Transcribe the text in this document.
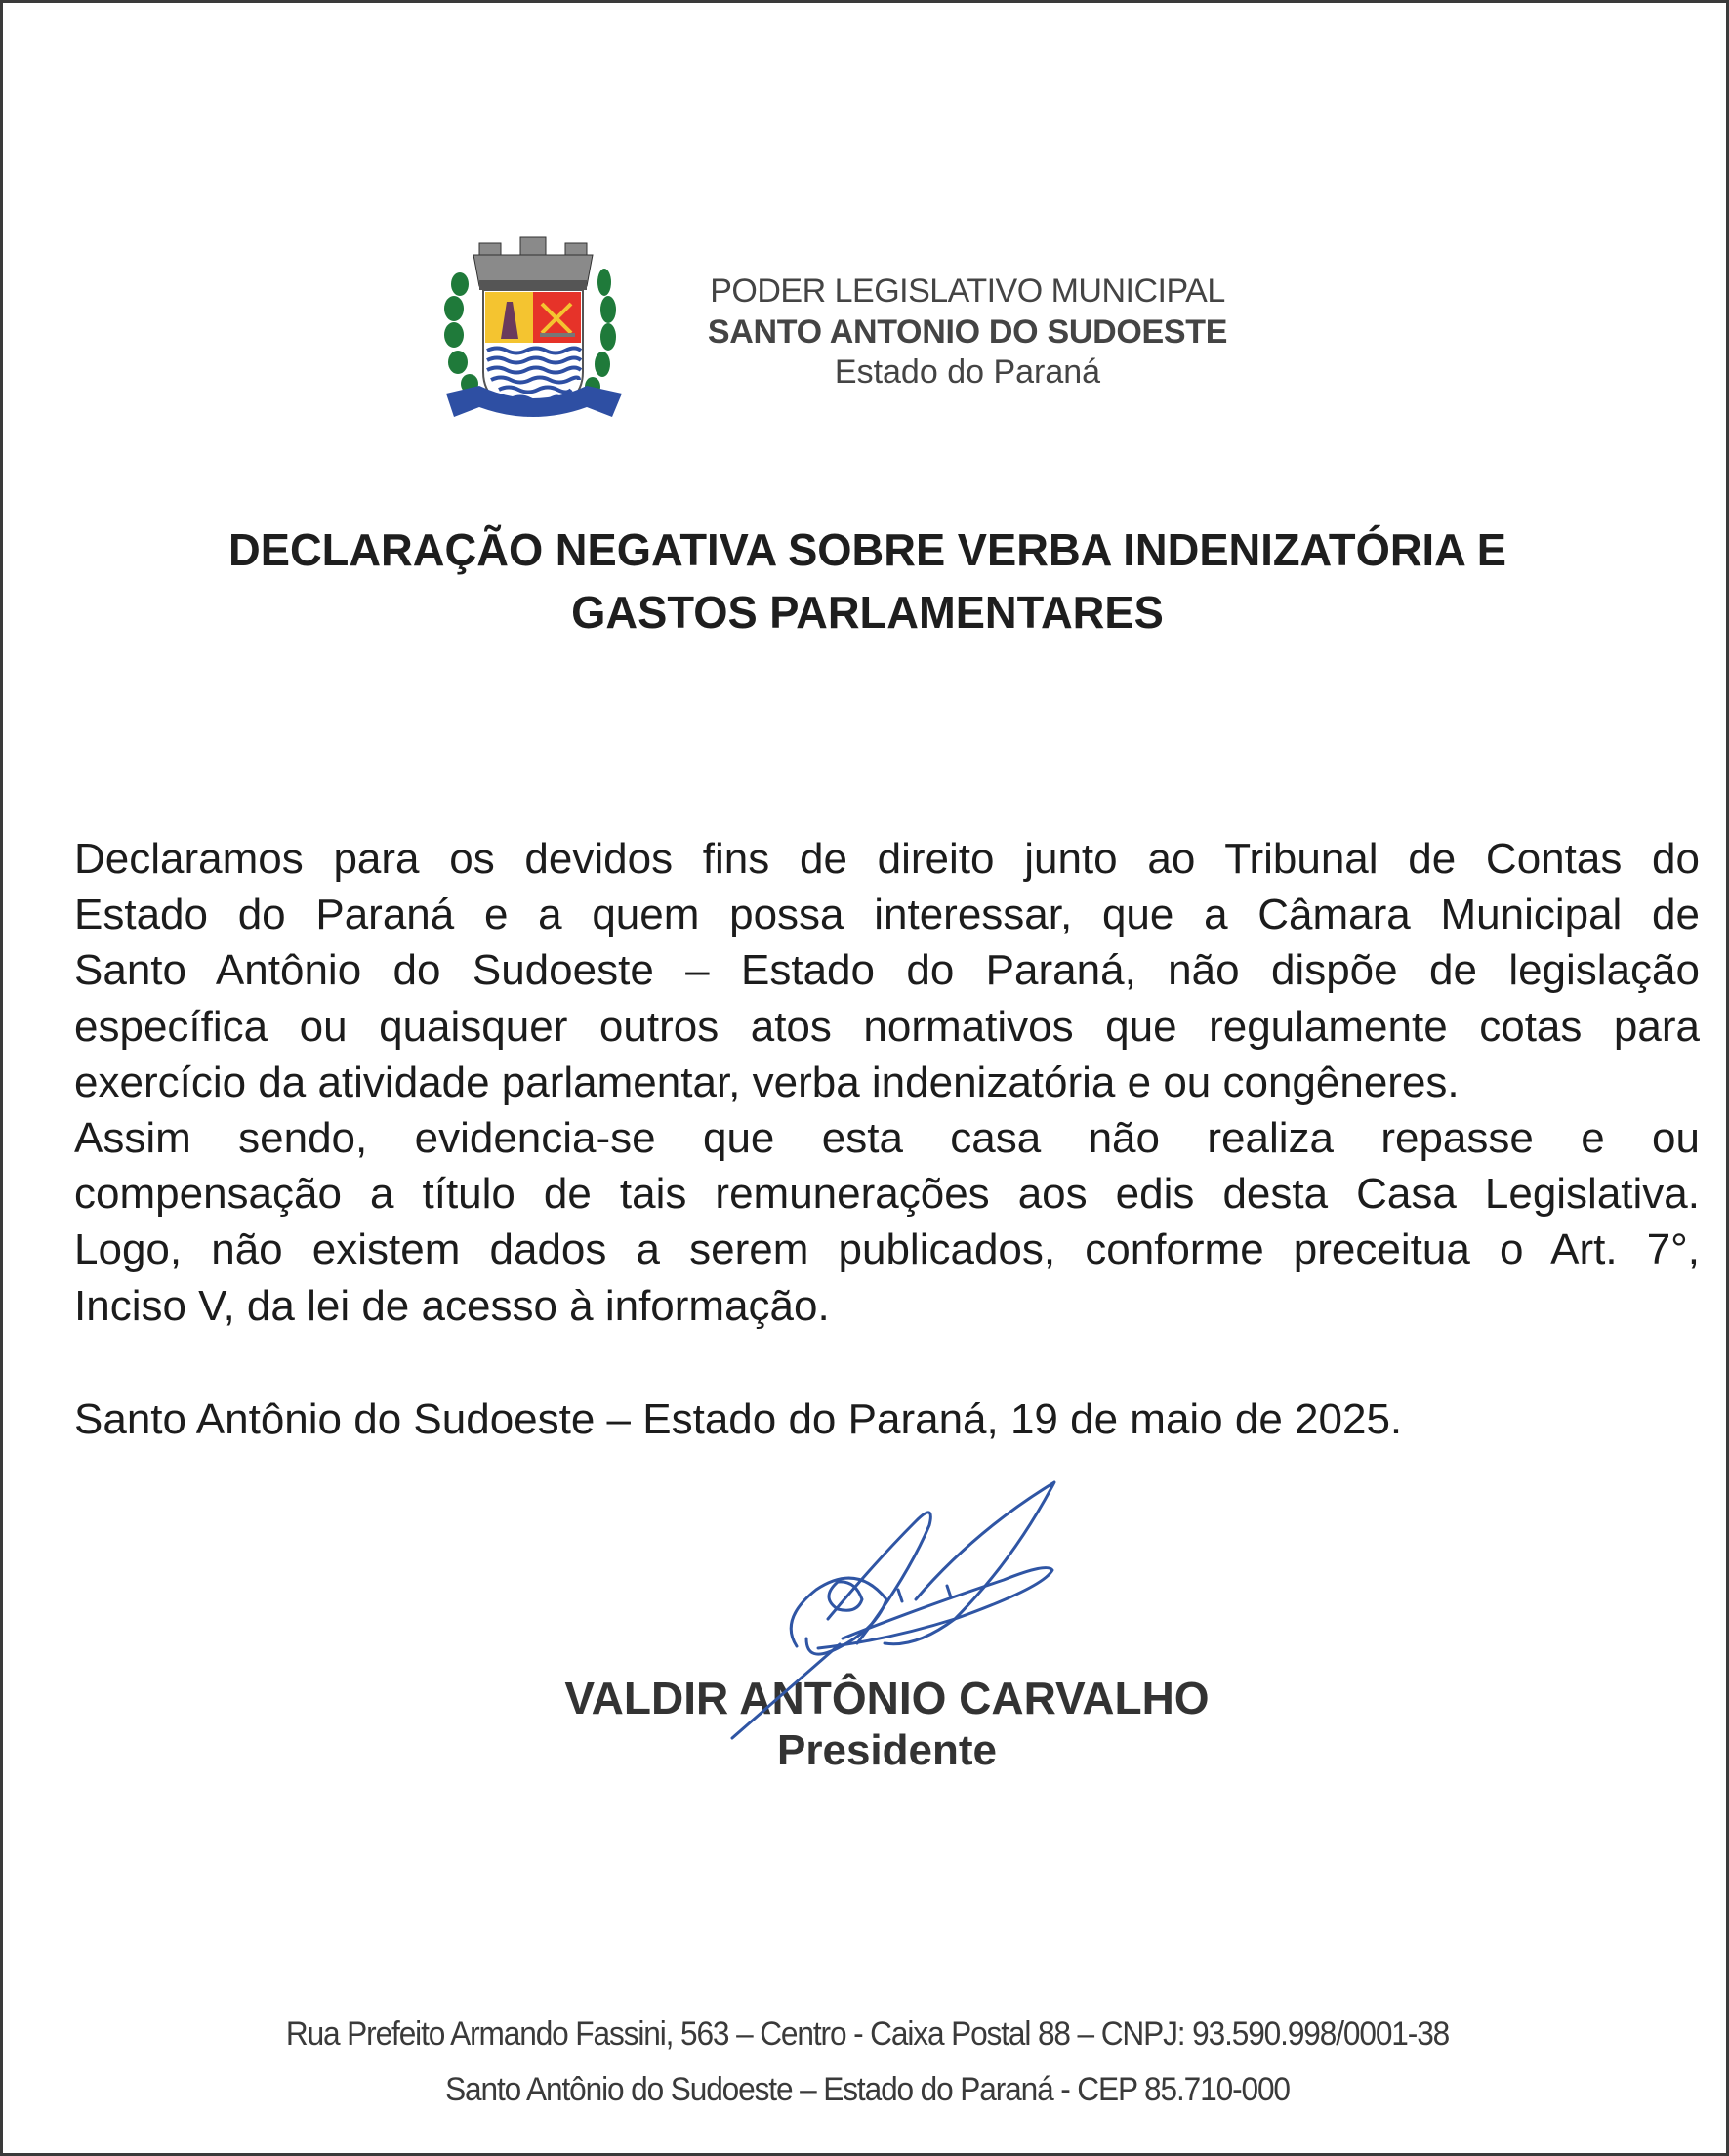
PODER LEGISLATIVO MUNICIPAL
SANTO ANTONIO DO SUDOESTE
Estado do Paraná
DECLARAÇÃO NEGATIVA SOBRE VERBA INDENIZATÓRIA E
GASTOS PARLAMENTARES
Declaramos para os devidos fins de direito junto ao Tribunal de Contas do
Estado do Paraná e a quem possa interessar, que a Câmara Municipal de
Santo Antônio do Sudoeste – Estado do Paraná, não dispõe de legislação
específica ou quaisquer outros atos normativos que regulamente cotas para
exercício da atividade parlamentar, verba indenizatória e ou congêneres.
Assim sendo, evidencia-se que esta casa não realiza repasse e ou
compensação a título de tais remunerações aos edis desta Casa Legislativa.
Logo, não existem dados a serem publicados, conforme preceitua o Art. 7°,
Inciso V, da lei de acesso à informação.
Santo Antônio do Sudoeste – Estado do Paraná, 19 de maio de 2025.
VALDIR ANTÔNIO CARVALHO
Presidente
Rua Prefeito Armando Fassini, 563 – Centro - Caixa Postal 88 – CNPJ: 93.590.998/0001-38
Santo Antônio do Sudoeste – Estado do Paraná - CEP 85.710-000
